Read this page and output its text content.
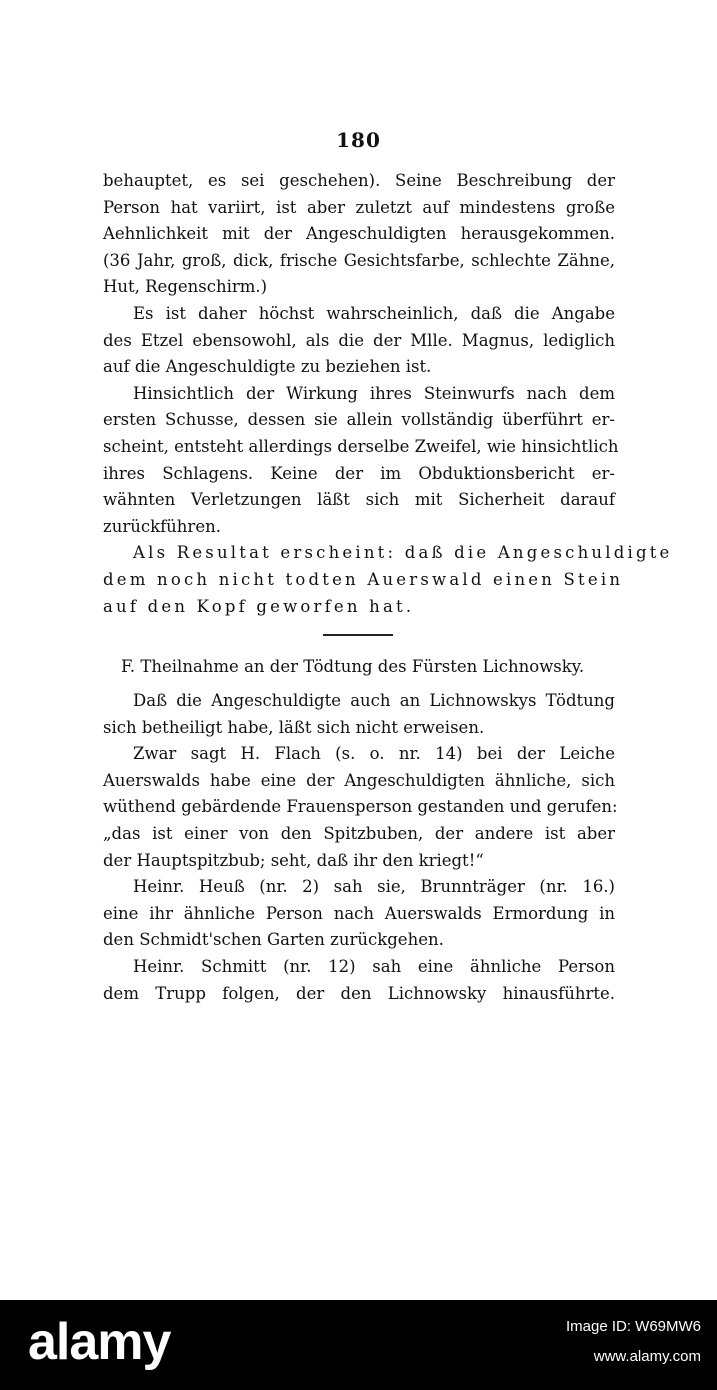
180
behauptet, es sei geschehen). Seine Beschreibung der
Person hat variirt, ist aber zuletzt auf mindestens große
Aehnlichkeit mit der Angeschuldigten herausgekommen.
(36 Jahr, groß, dick, frische Gesichtsfarbe, schlechte Zähne,
Hut, Regenschirm.)
Es ist daher höchst wahrscheinlich, daß die Angabe
des Etzel ebensowohl, als die der Mlle. Magnus, lediglich
auf die Angeschuldigte zu beziehen ist.
Hinsichtlich der Wirkung ihres Steinwurfs nach dem
ersten Schusse, dessen sie allein vollständig überführt er-
scheint, entsteht allerdings derselbe Zweifel, wie hinsichtlich
ihres Schlagens. Keine der im Obduktionsbericht er-
wähnten Verletzungen läßt sich mit Sicherheit darauf
zurückführen.
Als Resultat erscheint: daß die Angeschuldigte
dem noch nicht todten Auerswald einen Stein
auf den Kopf geworfen hat.
F. Theilnahme an der Tödtung des Fürsten Lichnowsky.
Daß die Angeschuldigte auch an Lichnowskys Tödtung
sich betheiligt habe, läßt sich nicht erweisen.
Zwar sagt H. Flach (s. o. nr. 14) bei der Leiche
Auerswalds habe eine der Angeschuldigten ähnliche, sich
wüthend gebärdende Frauensperson gestanden und gerufen:
„das ist einer von den Spitzbuben, der andere ist aber
der Hauptspitzbub; seht, daß ihr den kriegt!“
Heinr. Heuß (nr. 2) sah sie, Brunnträger (nr. 16.)
eine ihr ähnliche Person nach Auerswalds Ermordung in
den Schmidt'schen Garten zurückgehen.
Heinr. Schmitt (nr. 12) sah eine ähnliche Person
dem Trupp folgen, der den Lichnowsky hinausführte.
alamy	Image ID: W69MW6
www.alamy.com
